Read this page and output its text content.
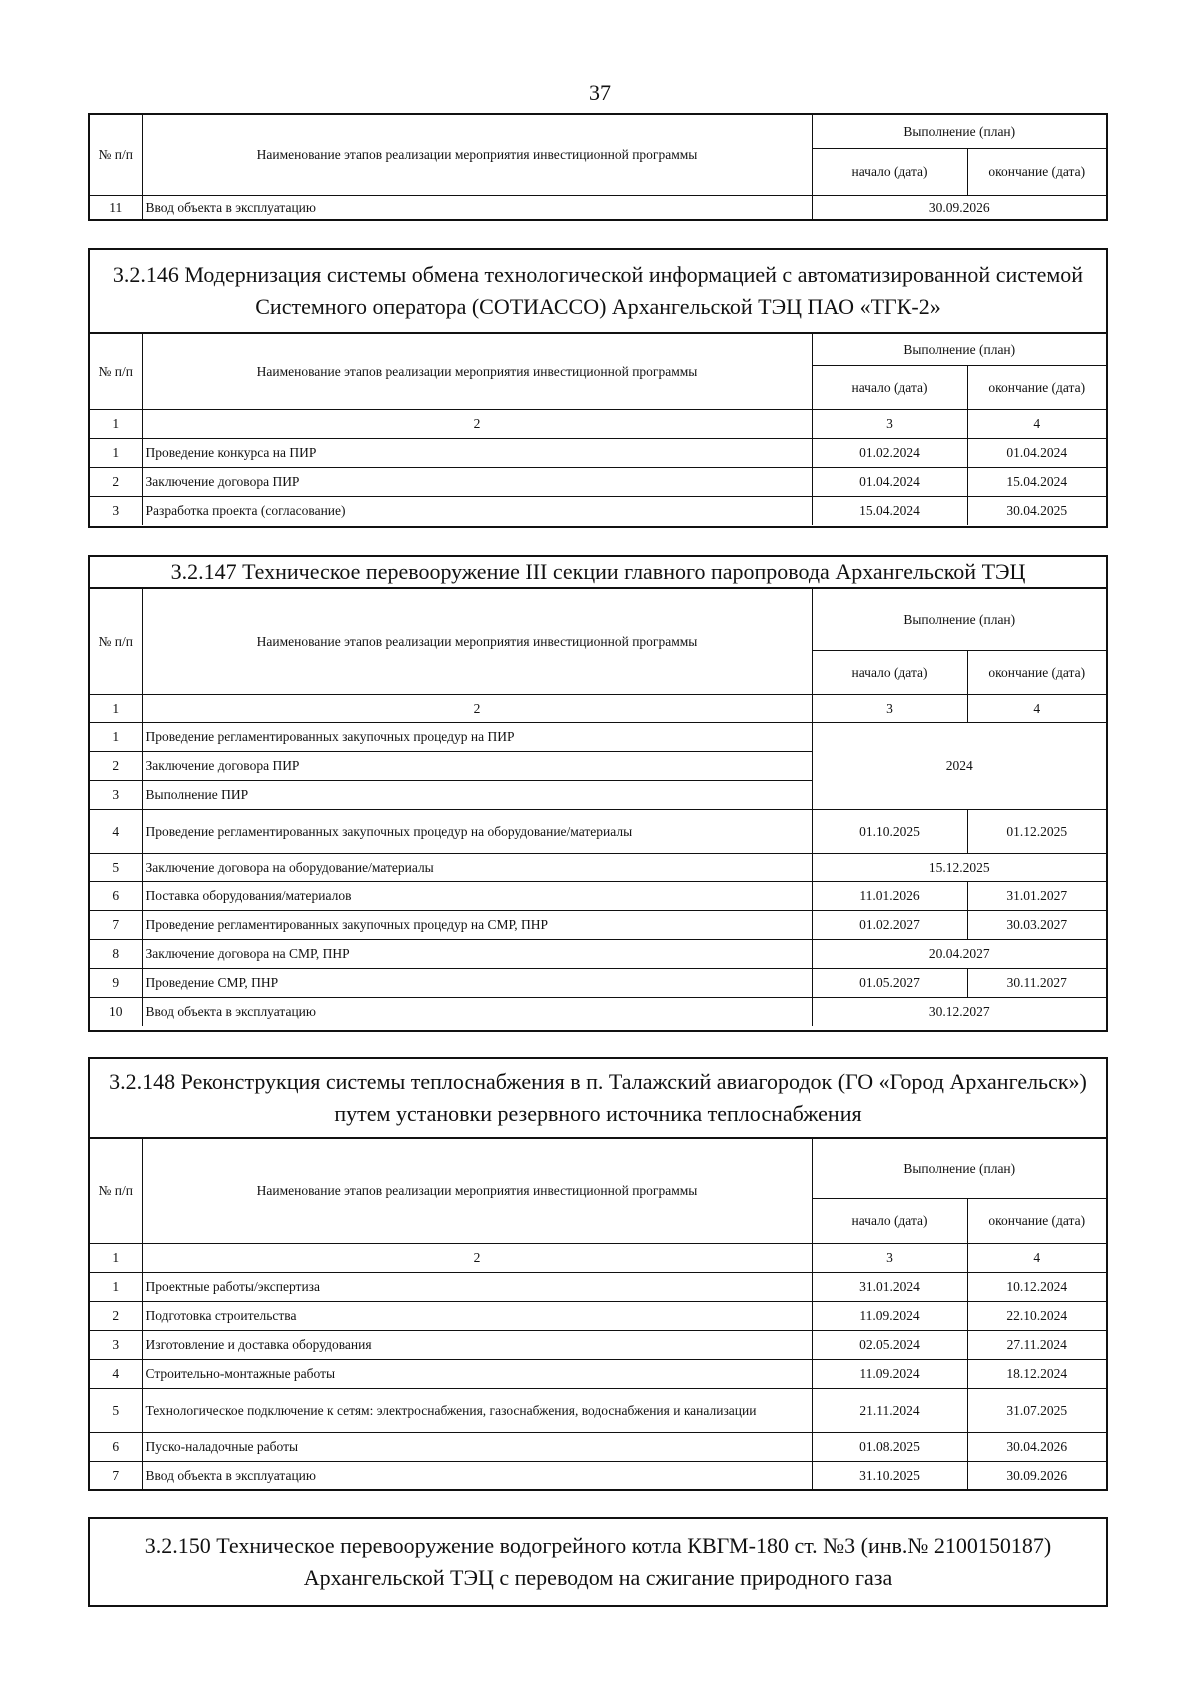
37
№ п/п	Наименование этапов реализации мероприятия инвестиционной программы	Выполнение (план)	
		начало (дата)	окончание (дата)
11	Ввод объекта в эксплуатацию	30.09.2026	
3.2.146 Модернизация системы обмена технологической информацией с автоматизированной системой Системного оператора (СОТИАССО) Архангельской ТЭЦ ПАО «ТГК-2»
№ п/п	Наименование этапов реализации мероприятия инвестиционной программы	Выполнение (план)	
		начало (дата)	окончание (дата)
1	2	3	4
1	Проведение конкурса на ПИР	01.02.2024	01.04.2024
2	Заключение договора ПИР	01.04.2024	15.04.2024
3	Разработка проекта (согласование)	15.04.2024	30.04.2025
3.2.147 Техническое перевооружение III секции главного паропровода Архангельской ТЭЦ
№ п/п	Наименование этапов реализации мероприятия инвестиционной программы	Выполнение (план)	
		начало (дата)	окончание (дата)
1	2	3	4
1	Проведение регламентированных закупочных процедур на ПИР	2024	
2	Заключение договора ПИР		
3	Выполнение ПИР		
4	Проведение регламентированных закупочных процедур на оборудование/материалы	01.10.2025	01.12.2025
5	Заключение договора на оборудование/материалы	15.12.2025	
6	Поставка оборудования/материалов	11.01.2026	31.01.2027
7	Проведение регламентированных закупочных процедур на СМР, ПНР	01.02.2027	30.03.2027
8	Заключение договора на СМР, ПНР	20.04.2027	
9	Проведение СМР, ПНР	01.05.2027	30.11.2027
10	Ввод объекта в эксплуатацию	30.12.2027	
3.2.148 Реконструкция системы теплоснабжения в п. Талажский авиагородок (ГО «Город Архангельск») путем установки резервного источника теплоснабжения
№ п/п	Наименование этапов реализации мероприятия инвестиционной программы	Выполнение (план)	
		начало (дата)	окончание (дата)
1	2	3	4
1	Проектные работы/экспертиза	31.01.2024	10.12.2024
2	Подготовка строительства	11.09.2024	22.10.2024
3	Изготовление и доставка оборудования	02.05.2024	27.11.2024
4	Строительно-монтажные работы	11.09.2024	18.12.2024
5	Технологическое подключение к сетям: электроснабжения, газоснабжения, водоснабжения и канализации	21.11.2024	31.07.2025
6	Пуско-наладочные работы	01.08.2025	30.04.2026
7	Ввод объекта в эксплуатацию	31.10.2025	30.09.2026
3.2.150 Техническое перевооружение водогрейного котла КВГМ-180 ст. №3 (инв.№ 2100150187) Архангельской ТЭЦ с переводом на сжигание природного газа
